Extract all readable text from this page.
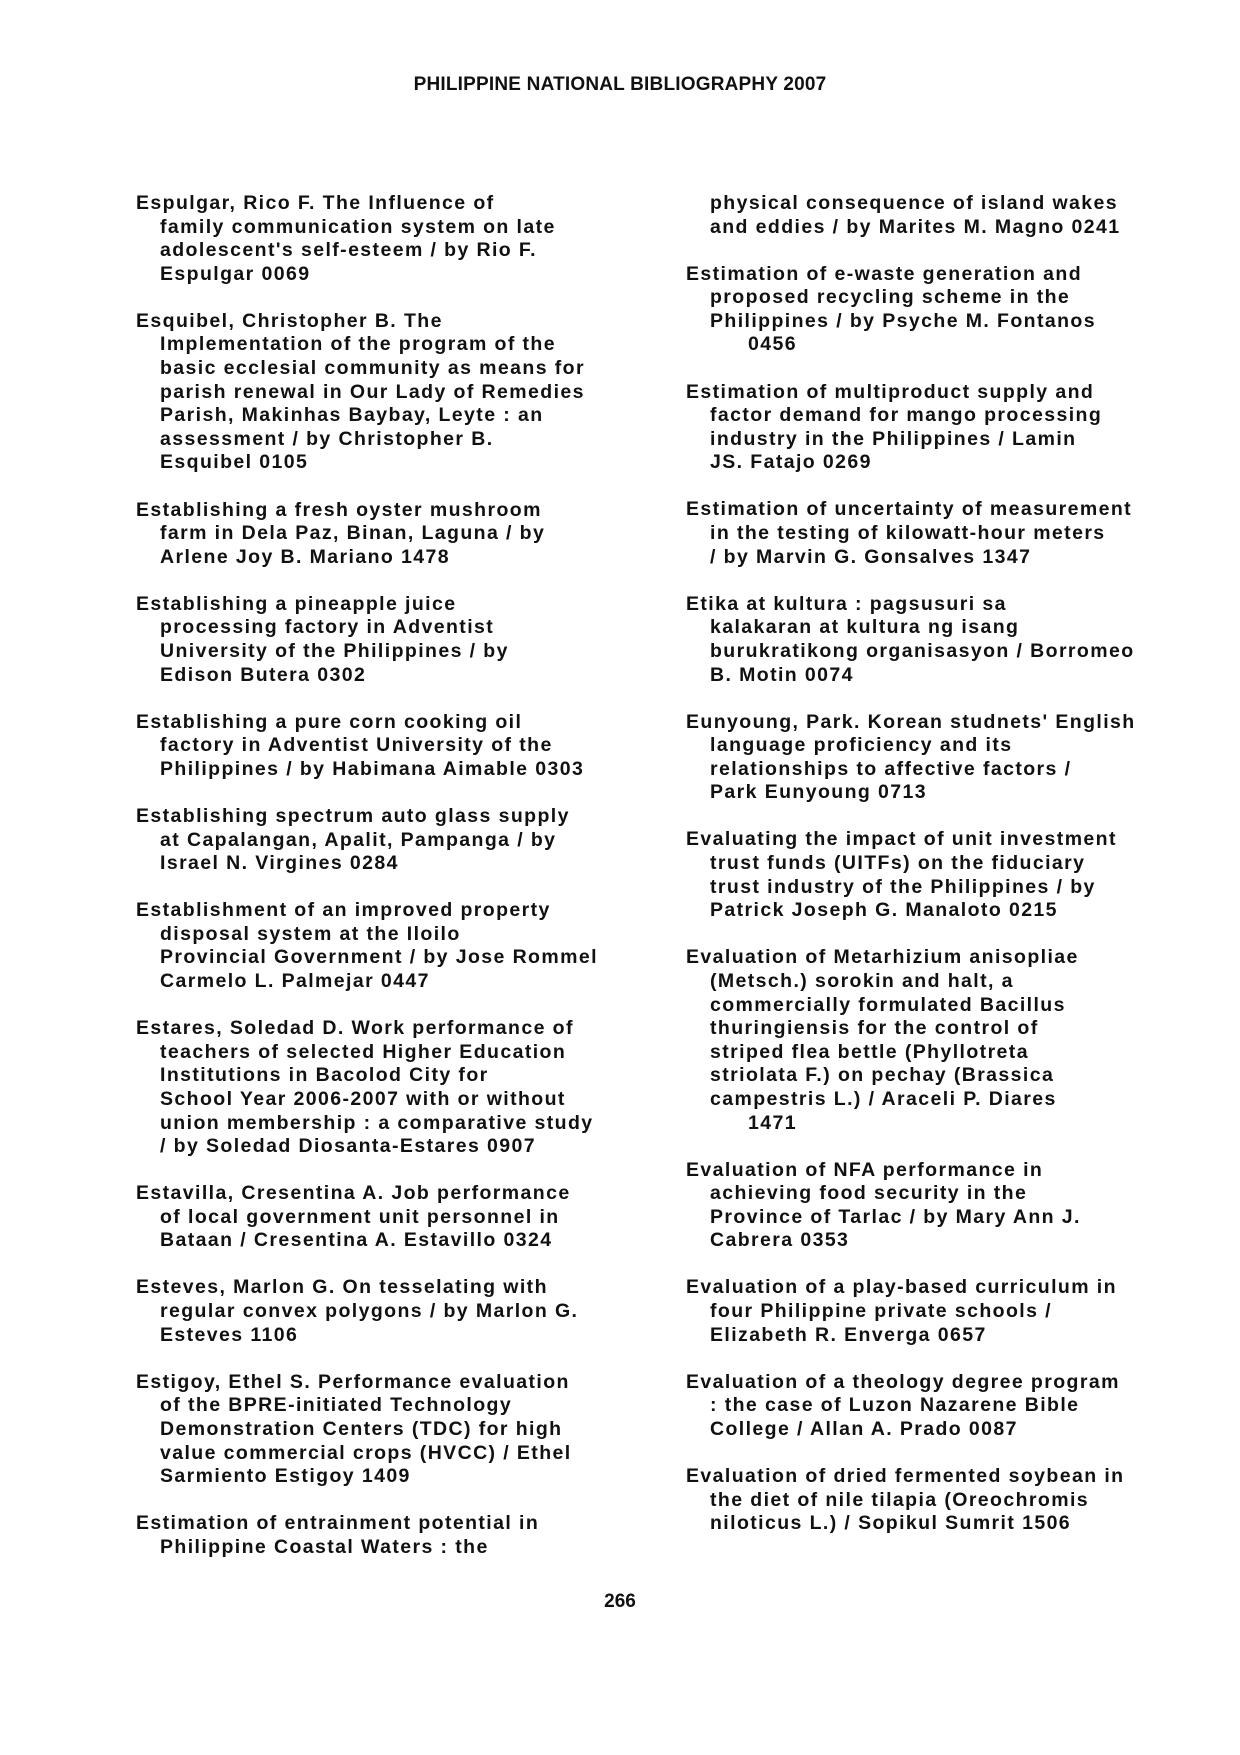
PHILIPPINE NATIONAL BIBLIOGRAPHY 2007
Espulgar, Rico F. The Influence of
family communication system on late
adolescent's self-esteem / by Rio F.
Espulgar 0069
Esquibel, Christopher B. The
Implementation of the program of the
basic ecclesial community as means for
parish renewal in Our Lady of Remedies
Parish, Makinhas Baybay, Leyte : an
assessment / by Christopher B.
Esquibel 0105
Establishing a fresh oyster mushroom
farm in Dela Paz, Binan, Laguna / by
Arlene Joy B. Mariano 1478
Establishing a pineapple juice
processing factory in Adventist
University of the Philippines / by
Edison Butera 0302
Establishing a pure corn cooking oil
factory in Adventist University of the
Philippines / by Habimana Aimable 0303
Establishing spectrum auto glass supply
at Capalangan, Apalit, Pampanga / by
Israel N. Virgines 0284
Establishment of an improved property
disposal system at the Iloilo
Provincial Government / by Jose Rommel
Carmelo L. Palmejar 0447
Estares, Soledad D. Work performance of
teachers of selected Higher Education
Institutions in Bacolod City for
School Year 2006-2007 with or without
union membership : a comparative study
/ by Soledad Diosanta-Estares 0907
Estavilla, Cresentina A. Job performance
of local government unit personnel in
Bataan / Cresentina A. Estavillo 0324
Esteves, Marlon G. On tesselating with
regular convex polygons / by Marlon G.
Esteves 1106
Estigoy, Ethel S. Performance evaluation
of the BPRE-initiated Technology
Demonstration Centers (TDC) for high
value commercial crops (HVCC) / Ethel
Sarmiento Estigoy 1409
Estimation of entrainment potential in
Philippine Coastal Waters : the
physical consequence of island wakes
and eddies / by Marites M. Magno 0241
Estimation of e-waste generation and
proposed recycling scheme in the
Philippines / by Psyche M. Fontanos
0456
Estimation of multiproduct supply and
factor demand for mango processing
industry in the Philippines / Lamin
JS. Fatajo 0269
Estimation of uncertainty of measurement
in the testing of kilowatt-hour meters
/ by Marvin G. Gonsalves 1347
Etika at kultura : pagsusuri sa
kalakaran at kultura ng isang
burukratikong organisasyon / Borromeo
B. Motin 0074
Eunyoung, Park. Korean studnets' English
language proficiency and its
relationships to affective factors /
Park Eunyoung 0713
Evaluating the impact of unit investment
trust funds (UITFs) on the fiduciary
trust industry of the Philippines / by
Patrick Joseph G. Manaloto 0215
Evaluation of Metarhizium anisopliae
(Metsch.) sorokin and halt, a
commercially formulated Bacillus
thuringiensis for the control of
striped flea bettle (Phyllotreta
striolata F.) on pechay (Brassica
campestris L.) / Araceli P. Diares
1471
Evaluation of NFA performance in
achieving food security in the
Province of Tarlac / by Mary Ann J.
Cabrera 0353
Evaluation of a play-based curriculum in
four Philippine private schools /
Elizabeth R. Enverga 0657
Evaluation of a theology degree program
: the case of Luzon Nazarene Bible
College / Allan A. Prado 0087
Evaluation of dried fermented soybean in
the diet of nile tilapia (Oreochromis
niloticus L.) / Sopikul Sumrit 1506
266
